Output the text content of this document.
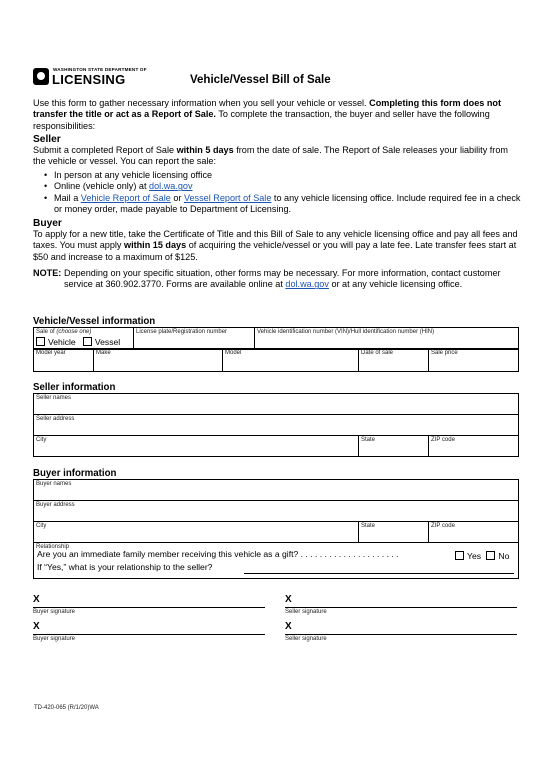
WASHINGTON STATE DEPARTMENT OF
LICENSING	Vehicle/Vessel Bill of Sale
Use this form to gather necessary information when you sell your vehicle or vessel. Completing this form does not transfer the title or act as a Report of Sale. To complete the transaction, the buyer and seller have the following responsibilities:
Seller
Submit a completed Report of Sale within 5 days from the date of sale. The Report of Sale releases your liability from the vehicle or vessel. You can report the sale:
• In person at any vehicle licensing office
• Online (vehicle only) at dol.wa.gov
• Mail a Vehicle Report of Sale or Vessel Report of Sale to any vehicle licensing office. Include required fee in a check or money order, made payable to Department of Licensing.
Buyer
To apply for a new title, take the Certificate of Title and this Bill of Sale to any vehicle licensing office and pay all fees and taxes. You must apply within 15 days of acquiring the vehicle/vessel or you will pay a late fee. Late transfer fees start at $50 and increase to a maximum of $125.
NOTE: Depending on your specific situation, other forms may be necessary. For more information, contact customer service at 360.902.3770. Forms are available online at dol.wa.gov or at any vehicle licensing office.
Vehicle/Vessel information
Sale of (choose one)
Vehicle Vessel	License plate/Registration number	Vehicle identification number (VIN)/Hull identification number (HIN)
Model year	Make	Model	Date of sale	Sale price
Seller information
Seller names
Seller address
City	State	ZIP code
Buyer information
Buyer names
Buyer address
City	State	ZIP code
Relationship
Are you an immediate family member receiving this vehicle as a gift? . . . . . . . . . . . . . . . . . . . . .	Yes No
If “Yes,” what is your relationship to the seller?
X
Buyer signature
X
Seller signature
X
Buyer signature
X
Seller signature
TD-420-065 (R/1/20)WA
